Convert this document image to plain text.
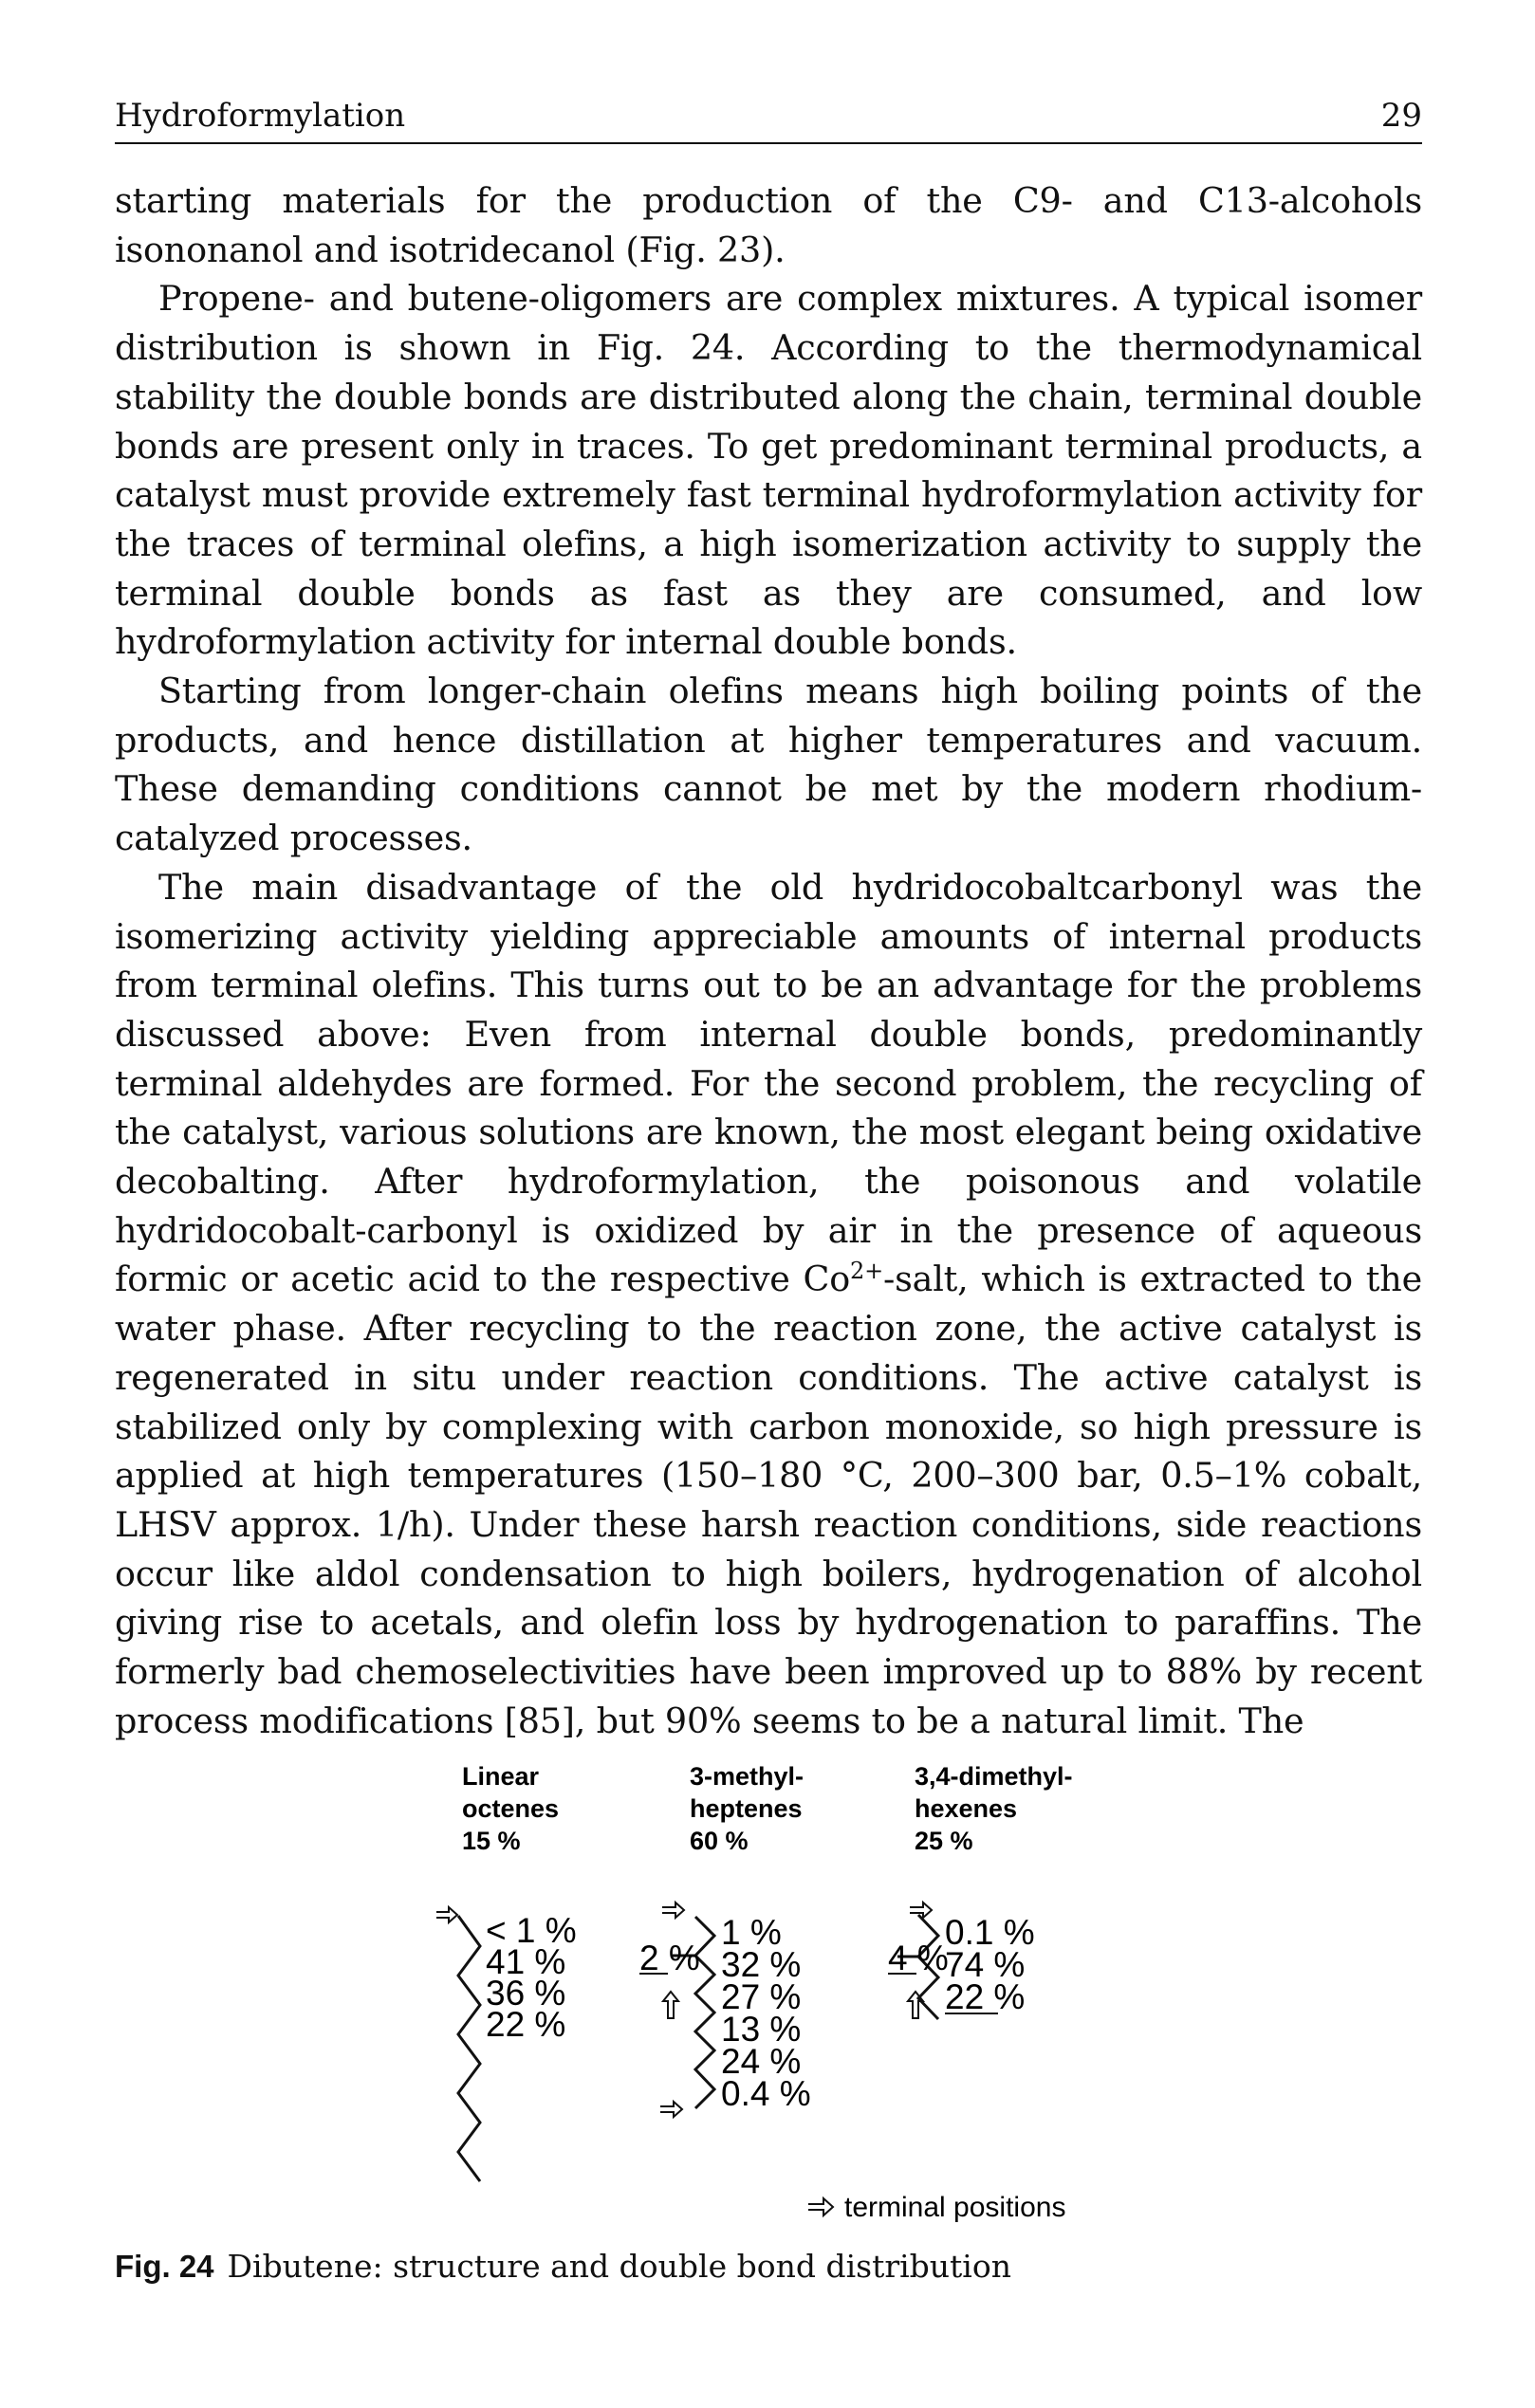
Hydroformylation	29

starting materials for the production of the C9- and C13-alcohols isononanol and isotridecanol (Fig. 23).

Propene- and butene-oligomers are complex mixtures. A typical isomer distribution is shown in Fig. 24. According to the thermodynamical stability the double bonds are distributed along the chain, terminal double bonds are present only in traces. To get predominant terminal products, a catalyst must provide extremely fast terminal hydroformylation activity for the traces of terminal olefins, a high isomerization activity to supply the terminal double bonds as fast as they are consumed, and low hydroformylation activity for internal double bonds.

Starting from longer-chain olefins means high boiling points of the products, and hence distillation at higher temperatures and vacuum. These demanding conditions cannot be met by the modern rhodium-catalyzed processes.

The main disadvantage of the old hydridocobaltcarbonyl was the isomerizing activity yielding appreciable amounts of internal products from terminal olefins. This turns out to be an advantage for the problems discussed above: Even from internal double bonds, predominantly terminal aldehydes are formed. For the second problem, the recycling of the catalyst, various solutions are known, the most elegant being oxidative decobalting. After hydroformylation, the poisonous and volatile hydridocobalt-carbonyl is oxidized by air in the presence of aqueous formic or acetic acid to the respective $Co^{2+}$-salt, which is extracted to the water phase. After recycling to the reaction zone, the active catalyst is regenerated in situ under reaction conditions. The active catalyst is stabilized only by complexing with carbon monoxide, so high pressure is applied at high temperatures (150–180 °C, 200–300 bar, 0.5–1% cobalt, LHSV approx. 1/h). Under these harsh reaction conditions, side reactions occur like aldol condensation to high boilers, hydrogenation of alcohol giving rise to acetals, and olefin loss by hydrogenation to paraffins. The formerly bad chemoselectivities have been improved up to 88% by recent process modifications [85], but 90% seems to be a natural limit. The

Linear
octenes
15 %
3-methyl-
heptenes
60 %
3,4-dimethyl-
hexenes
25 %
< 1 %
41 %
36 %
22 %
2 %
1 %
32 %
27 %
13 %
24 %
0.4 %
4 %
0.1 %
74 %
22 %
terminal positions
Fig. 24 Dibutene: structure and double bond distribution
